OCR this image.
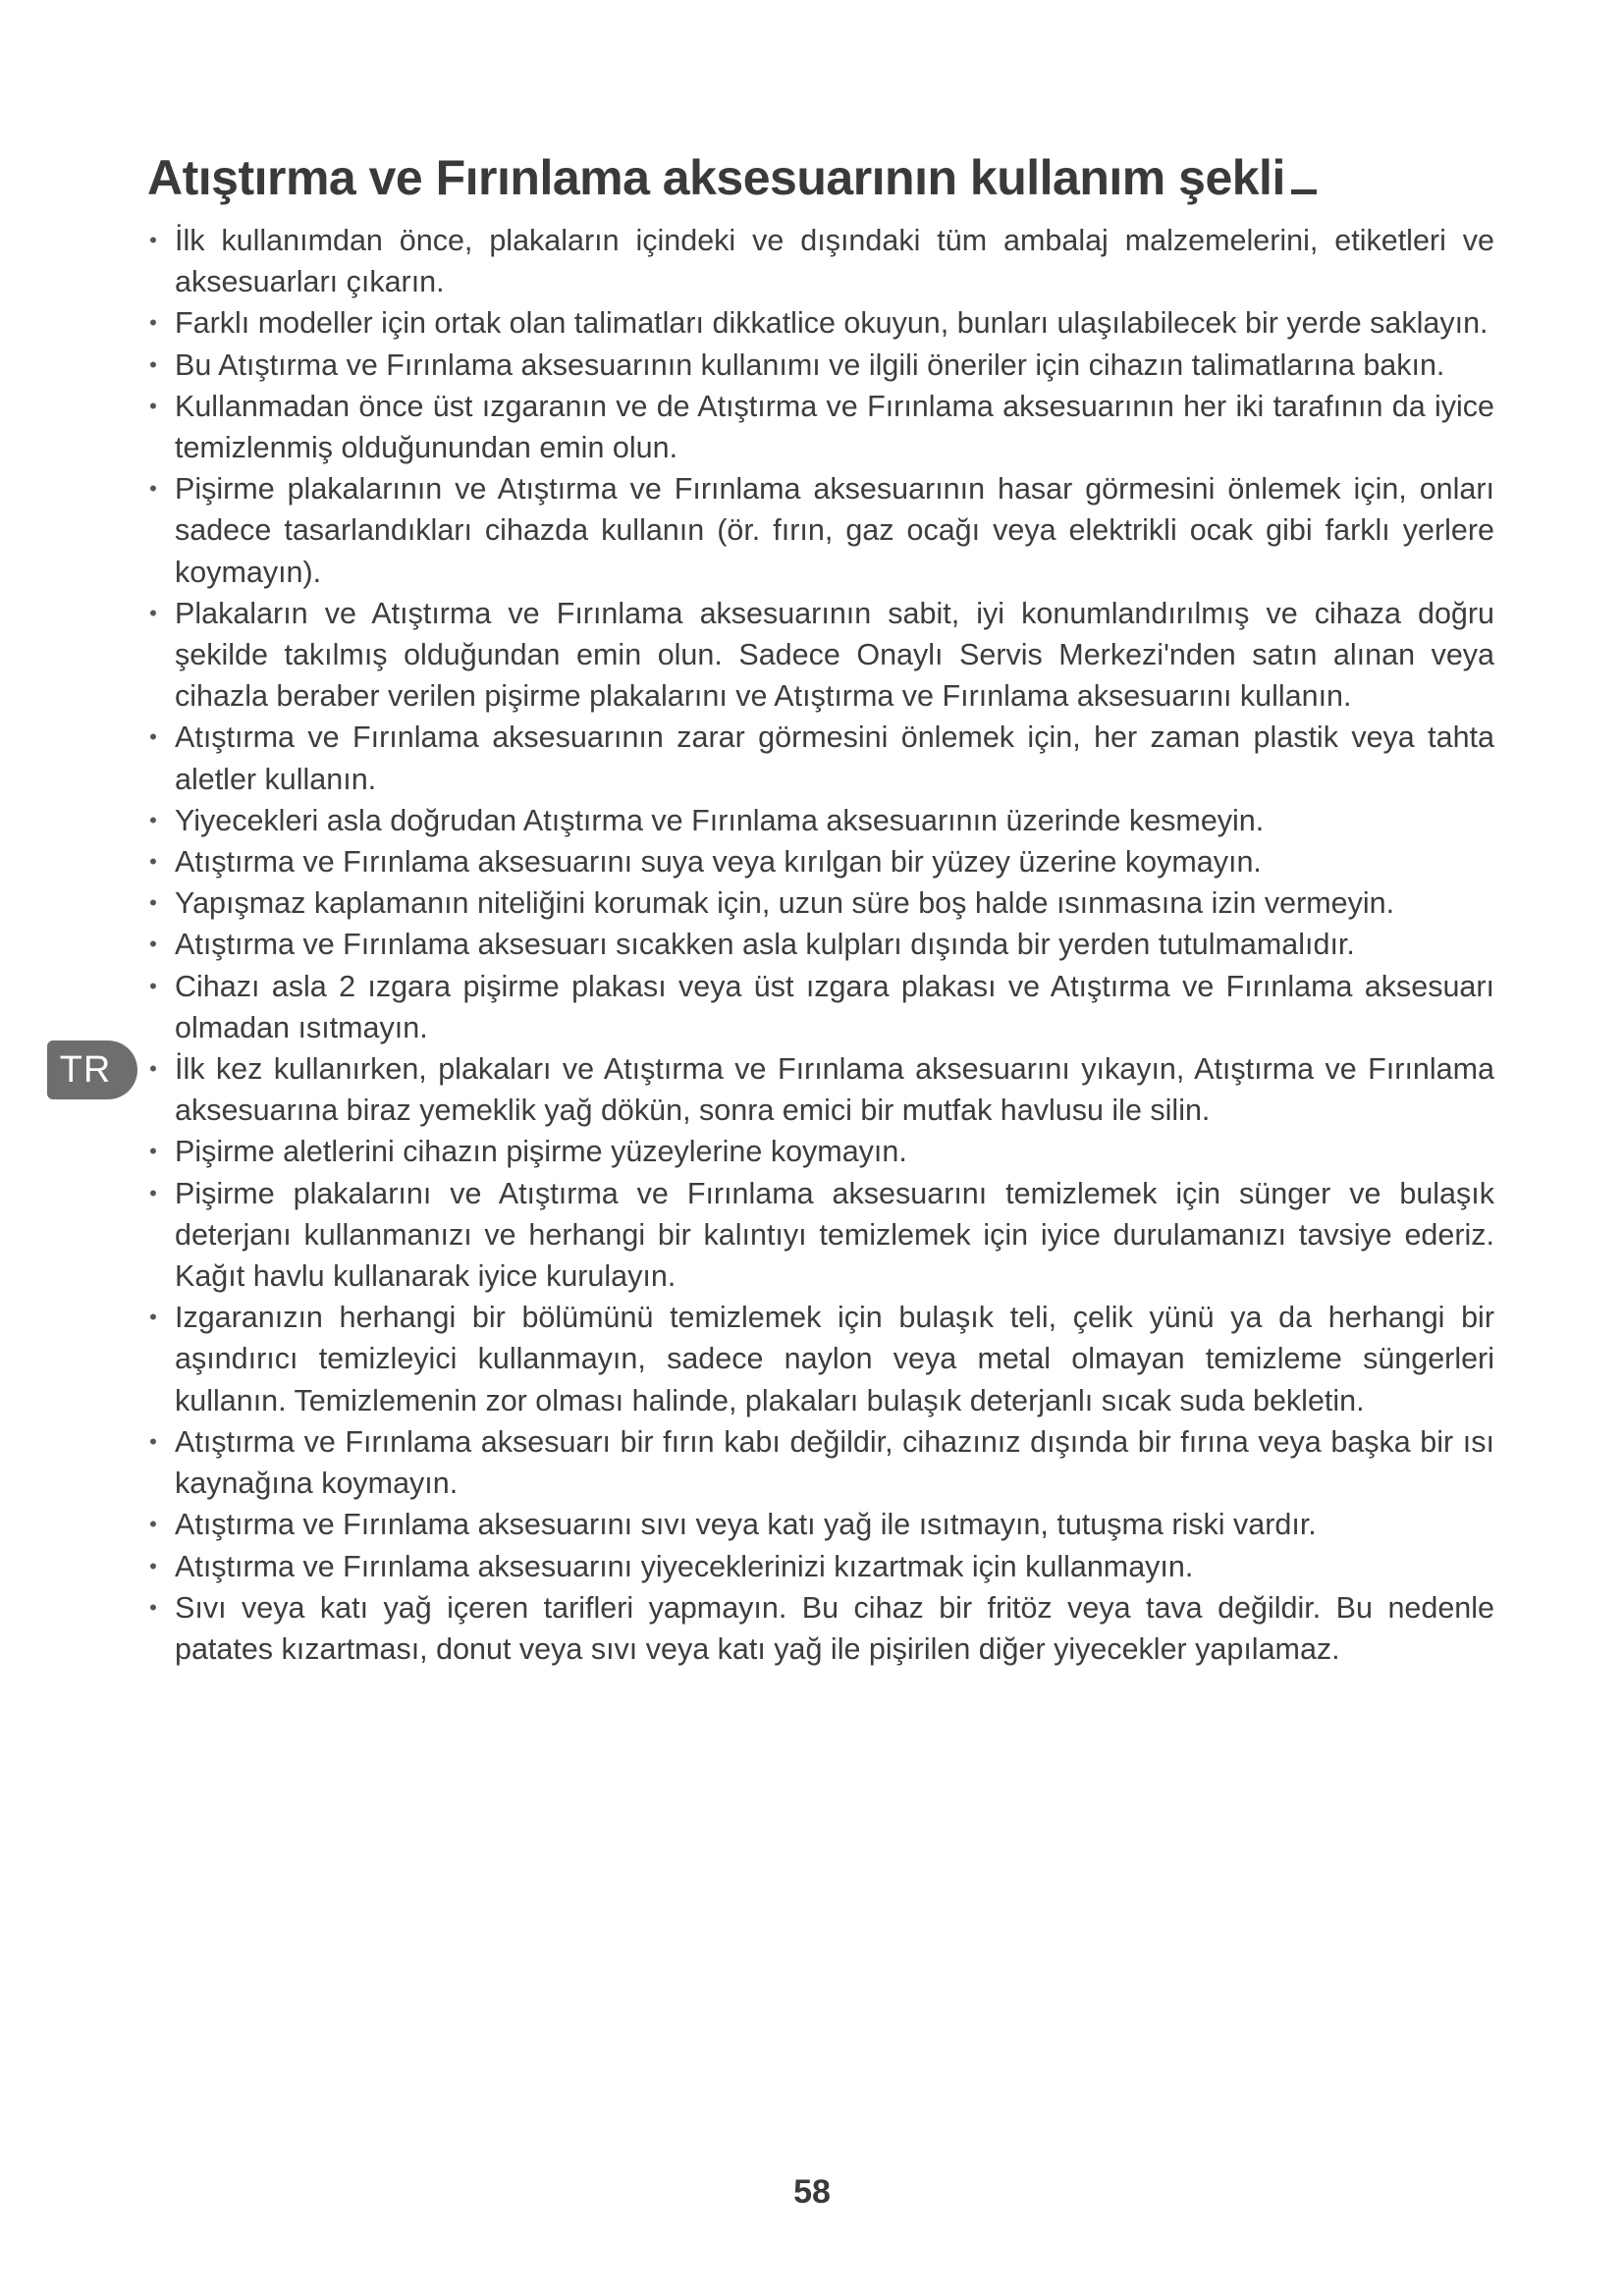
Atıştırma ve Fırınlama aksesuarının kullanım şekli
• İlk kullanımdan önce, plakaların içindeki ve dışındaki tüm ambalaj malzemelerini, etiketleri ve aksesuarları çıkarın.
• Farklı modeller için ortak olan talimatları dikkatlice okuyun, bunları ulaşılabilecek bir yerde saklayın.
• Bu Atıştırma ve Fırınlama aksesuarının kullanımı ve ilgili öneriler için cihazın talimatlarına bakın.
• Kullanmadan önce üst ızgaranın ve de Atıştırma ve Fırınlama aksesuarının her iki tarafının da iyice temizlenmiş olduğunundan emin olun.
• Pişirme plakalarının ve Atıştırma ve Fırınlama aksesuarının hasar görmesini önlemek için, onları sadece tasarlandıkları cihazda kullanın (ör. fırın, gaz ocağı veya elektrikli ocak gibi farklı yerlere koymayın).
• Plakaların ve Atıştırma ve Fırınlama aksesuarının sabit, iyi konumlandırılmış ve cihaza doğru şekilde takılmış olduğundan emin olun. Sadece Onaylı Servis Merkezi'nden satın alınan veya cihazla beraber verilen pişirme plakalarını ve Atıştırma ve Fırınlama aksesuarını kullanın.
• Atıştırma ve Fırınlama aksesuarının zarar görmesini önlemek için, her zaman plastik veya tahta aletler kullanın.
• Yiyecekleri asla doğrudan Atıştırma ve Fırınlama aksesuarının üzerinde kesmeyin.
• Atıştırma ve Fırınlama aksesuarını suya veya kırılgan bir yüzey üzerine koymayın.
• Yapışmaz kaplamanın niteliğini korumak için, uzun süre boş halde ısınmasına izin vermeyin.
• Atıştırma ve Fırınlama aksesuarı sıcakken asla kulpları dışında bir yerden tutulmamalıdır.
• Cihazı asla 2 ızgara pişirme plakası veya üst ızgara plakası ve Atıştırma ve Fırınlama aksesuarı olmadan ısıtmayın.
• İlk kez kullanırken, plakaları ve Atıştırma ve Fırınlama aksesuarını yıkayın, Atıştırma ve Fırınlama aksesuarına biraz yemeklik yağ dökün, sonra emici bir mutfak havlusu ile silin.
• Pişirme aletlerini cihazın pişirme yüzeylerine koymayın.
• Pişirme plakalarını ve Atıştırma ve Fırınlama aksesuarını temizlemek için sünger ve bulaşık deterjanı kullanmanızı ve herhangi bir kalıntıyı temizlemek için iyice durulamanızı tavsiye ederiz. Kağıt havlu kullanarak iyice kurulayın.
• Izgaranızın herhangi bir bölümünü temizlemek için bulaşık teli, çelik yünü ya da herhangi bir aşındırıcı temizleyici kullanmayın, sadece naylon veya metal olmayan temizleme süngerleri kullanın. Temizlemenin zor olması halinde, plakaları bulaşık deterjanlı sıcak suda bekletin.
• Atıştırma ve Fırınlama aksesuarı bir fırın kabı değildir, cihazınız dışında bir fırına veya başka bir ısı kaynağına koymayın.
• Atıştırma ve Fırınlama aksesuarını sıvı veya katı yağ ile ısıtmayın, tutuşma riski vardır.
• Atıştırma ve Fırınlama aksesuarını yiyeceklerinizi kızartmak için kullanmayın.
• Sıvı veya katı yağ içeren tarifleri yapmayın. Bu cihaz bir fritöz veya tava değildir. Bu nedenle patates kızartması, donut veya sıvı veya katı yağ ile pişirilen diğer yiyecekler yapılamaz.
TR
58
